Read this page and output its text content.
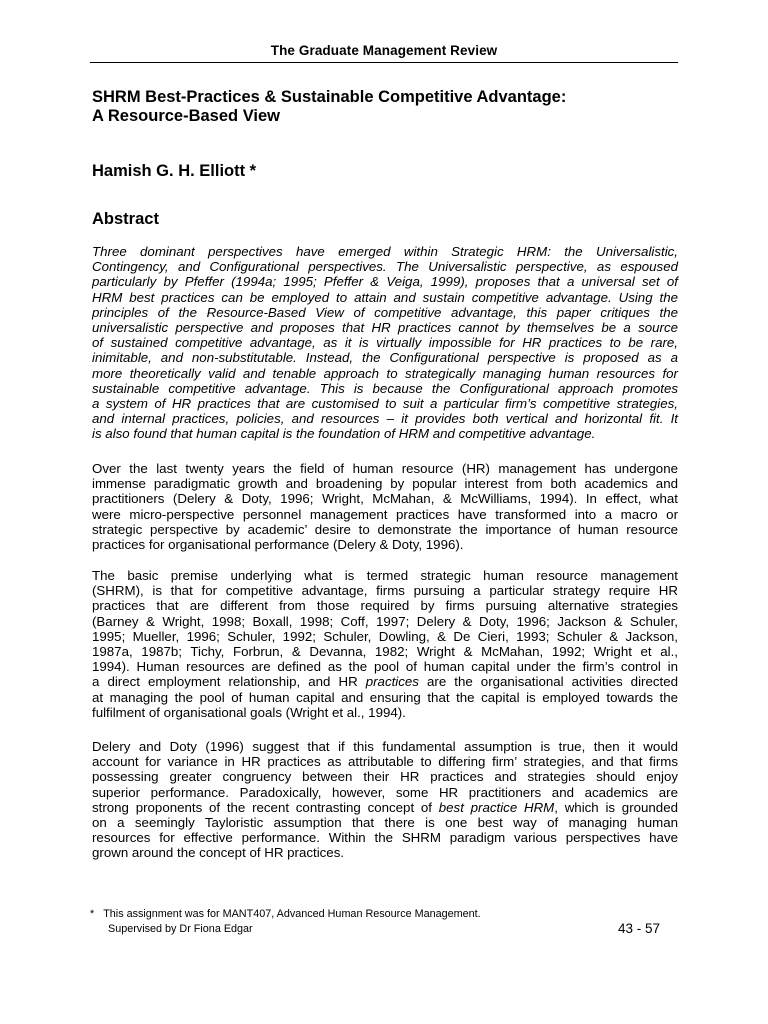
The Graduate Management Review
SHRM Best-Practices & Sustainable Competitive Advantage:
A Resource-Based View
Hamish G. H. Elliott *
Abstract
Three dominant perspectives have emerged within Strategic HRM: the Universalistic,
Contingency, and Configurational perspectives. The Universalistic perspective, as espoused
particularly by Pfeffer (1994a; 1995; Pfeffer & Veiga, 1999), proposes that a universal set of
HRM best practices can be employed to attain and sustain competitive advantage. Using the
principles of the Resource-Based View of competitive advantage, this paper critiques the
universalistic perspective and proposes that HR practices cannot by themselves be a source
of sustained competitive advantage, as it is virtually impossible for HR practices to be rare,
inimitable, and non-substitutable. Instead, the Configurational perspective is proposed as a
more theoretically valid and tenable approach to strategically managing human resources for
sustainable competitive advantage. This is because the Configurational approach promotes
a system of HR practices that are customised to suit a particular firm’s competitive strategies,
and internal practices, policies, and resources – it provides both vertical and horizontal fit. It
is also found that human capital is the foundation of HRM and competitive advantage.
Over the last twenty years the field of human resource (HR) management has undergone
immense paradigmatic growth and broadening by popular interest from both academics and
practitioners (Delery & Doty, 1996; Wright, McMahan, & McWilliams, 1994). In effect, what
were micro-perspective personnel management practices have transformed into a macro or
strategic perspective by academic’ desire to demonstrate the importance of human resource
practices for organisational performance (Delery & Doty, 1996).
The basic premise underlying what is termed strategic human resource management
(SHRM), is that for competitive advantage, firms pursuing a particular strategy require HR
practices that are different from those required by firms pursuing alternative strategies
(Barney & Wright, 1998; Boxall, 1998; Coff, 1997; Delery & Doty, 1996; Jackson & Schuler,
1995; Mueller, 1996; Schuler, 1992; Schuler, Dowling, & De Cieri, 1993; Schuler & Jackson,
1987a, 1987b; Tichy, Forbrun, & Devanna, 1982; Wright & McMahan, 1992; Wright et al.,
1994). Human resources are defined as the pool of human capital under the firm’s control in
a direct employment relationship, and HR practices are the organisational activities directed
at managing the pool of human capital and ensuring that the capital is employed towards the
fulfilment of organisational goals (Wright et al., 1994).
Delery and Doty (1996) suggest that if this fundamental assumption is true, then it would
account for variance in HR practices as attributable to differing firm’ strategies, and that firms
possessing greater congruency between their HR practices and strategies should enjoy
superior performance. Paradoxically, however, some HR practitioners and academics are
strong proponents of the recent contrasting concept of best practice HRM, which is grounded
on a seemingly Tayloristic assumption that there is one best way of managing human
resources for effective performance. Within the SHRM paradigm various perspectives have
grown around the concept of HR practices.
* This assignment was for MANT407, Advanced Human Resource Management.
Supervised by Dr Fiona Edgar	43 - 57
